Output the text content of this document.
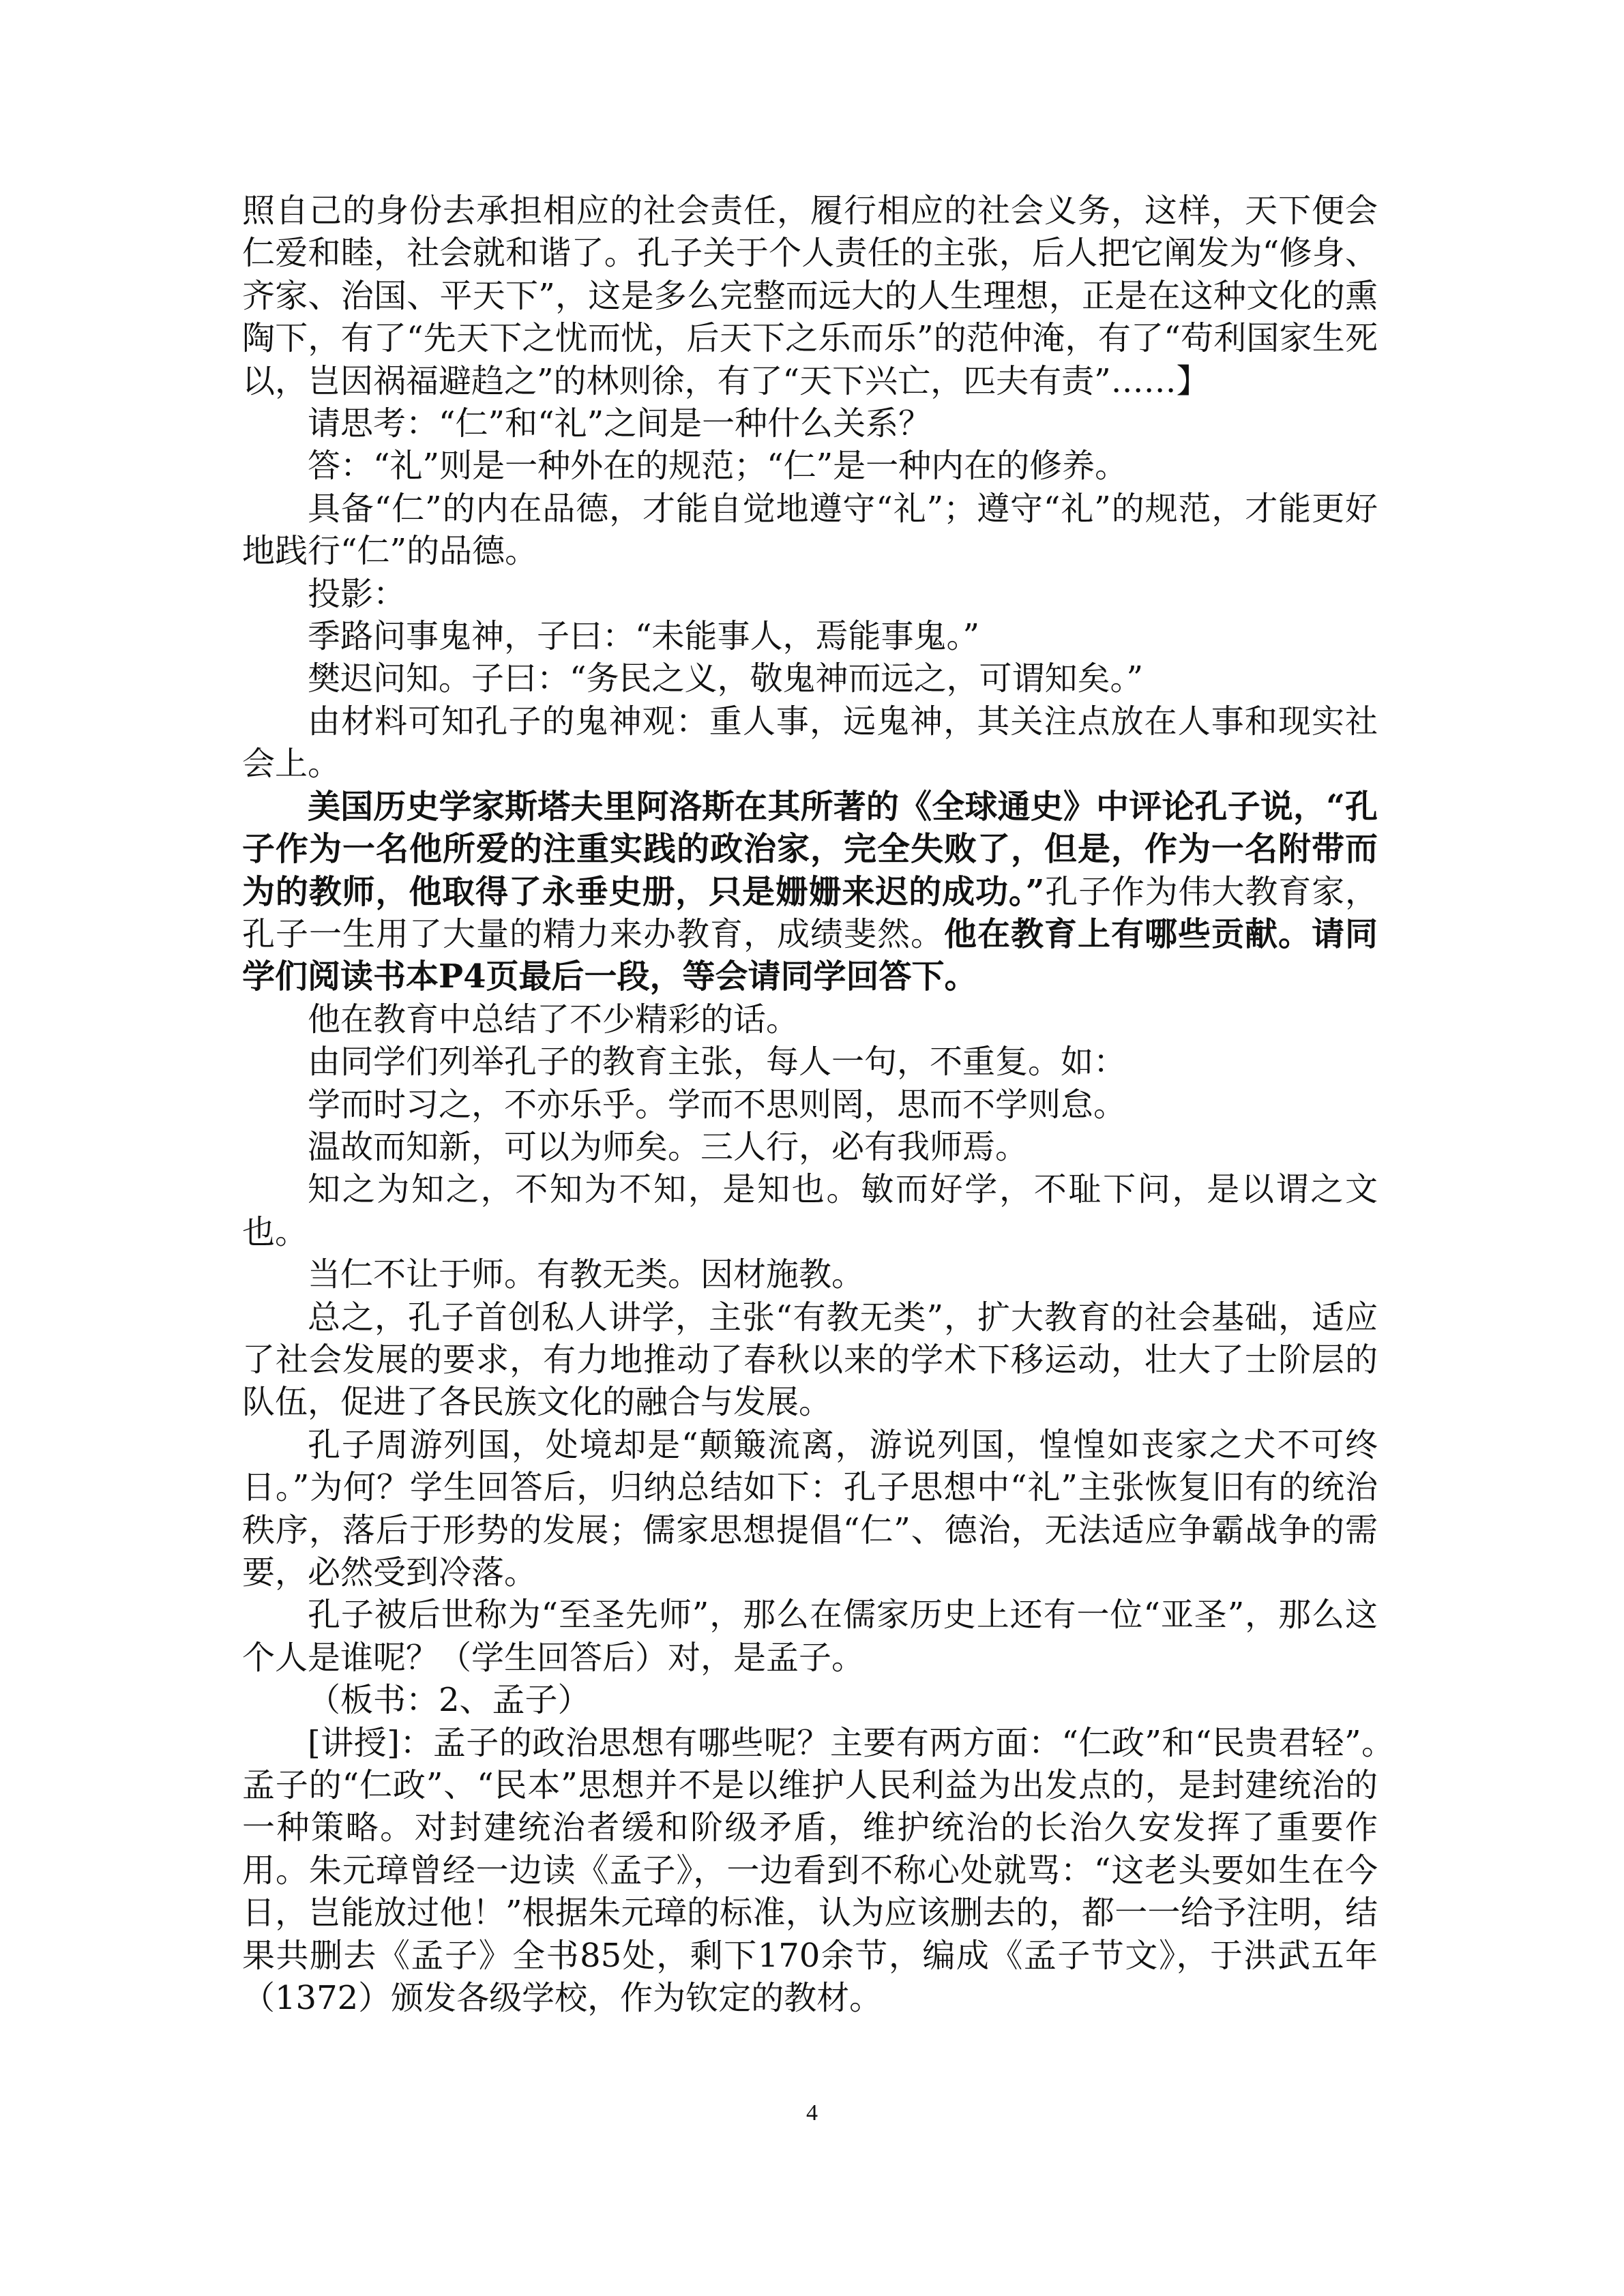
照自己的身份去承担相应的社会责任，履行相应的社会义务，这样，天下便会仁爱和睦，社会就和谐了。孔子关于个人责任的主张，后人把它阐发为“修身、齐家、治国、平天下”，这是多么完整而远大的人生理想，正是在这种文化的熏陶下，有了“先天下之忧而忧，后天下之乐而乐”的范仲淹，有了“苟利国家生死以，岂因祸福避趋之”的林则徐，有了“天下兴亡，匹夫有责”……】

请思考：“仁”和“礼”之间是一种什么关系？

答：“礼”则是一种外在的规范；“仁”是一种内在的修养。

具备“仁”的内在品德，才能自觉地遵守“礼”；遵守“礼”的规范，才能更好地践行“仁”的品德。

投影：

季路问事鬼神，子曰：“未能事人，焉能事鬼。”

樊迟问知。子曰：“务民之义，敬鬼神而远之，可谓知矣。”

由材料可知孔子的鬼神观：重人事，远鬼神，其关注点放在人事和现实社会上。

美国历史学家斯塔夫里阿洛斯在其所著的《全球通史》中评论孔子说，“孔子作为一名他所爱的注重实践的政治家，完全失败了，但是，作为一名附带而为的教师，他取得了永垂史册，只是姗姗来迟的成功。”孔子作为伟大教育家，孔子一生用了大量的精力来办教育，成绩斐然。他在教育上有哪些贡献。请同学们阅读书本P4页最后一段，等会请同学回答下。

他在教育中总结了不少精彩的话。

由同学们列举孔子的教育主张，每人一句，不重复。如：

学而时习之，不亦乐乎。学而不思则罔，思而不学则怠。

温故而知新，可以为师矣。三人行，必有我师焉。

知之为知之，不知为不知，是知也。敏而好学，不耻下问，是以谓之文也。

当仁不让于师。有教无类。因材施教。

总之，孔子首创私人讲学，主张“有教无类”，扩大教育的社会基础，适应了社会发展的要求，有力地推动了春秋以来的学术下移运动，壮大了士阶层的队伍，促进了各民族文化的融合与发展。

孔子周游列国，处境却是“颠簸流离，游说列国，惶惶如丧家之犬不可终日。”为何？学生回答后，归纳总结如下：孔子思想中“礼”主张恢复旧有的统治秩序，落后于形势的发展；儒家思想提倡“仁”、德治，无法适应争霸战争的需要，必然受到冷落。

孔子被后世称为“至圣先师”，那么在儒家历史上还有一位“亚圣”，那么这个人是谁呢？（学生回答后）对，是孟子。

（板书：2、孟子）

[讲授]：孟子的政治思想有哪些呢？主要有两方面：“仁政”和“民贵君轻”。　孟子的“仁政”、“民本”思想并不是以维护人民利益为出发点的，是封建统治的一种策略。对封建统治者缓和阶级矛盾，维护统治的长治久安发挥了重要作用。朱元璋曾经一边读《孟子》，一边看到不称心处就骂：“这老头要如生在今日，岂能放过他！”根据朱元璋的标准，认为应该删去的，都一一给予注明，结果共删去《孟子》全书85处，剩下170余节，编成《孟子节文》，于洪武五年（1372）颁发各级学校，作为钦定的教材。

4
